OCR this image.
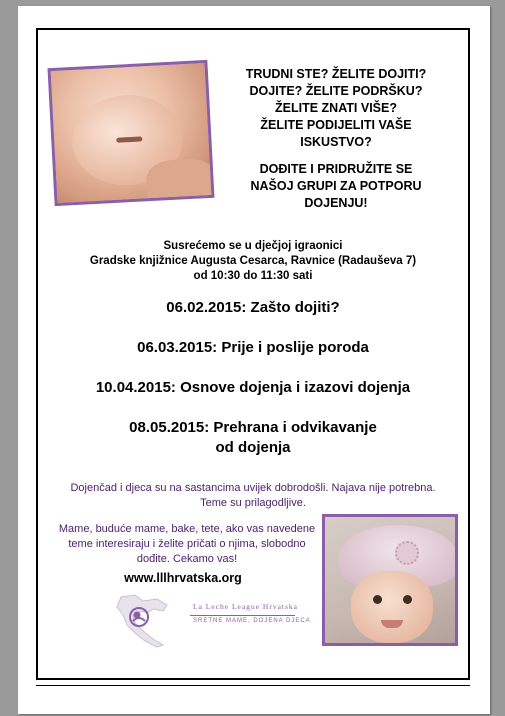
TRUDNI STE? ŽELITE DOJITI?

DOJITE? ŽELITE PODRŠKU?

ŽELITE ZNATI VIŠE?

ŽELITE PODIJELITI VAŠE

ISKUSTVO?

DOĐITE I PRIDRUŽITE SE

NAŠOJ GRUPI ZA POTPORU

DOJENJU!

Susrećemo se u dječjoj igraonici

Gradske knjižnice Augusta Cesarca, Ravnice (Radauševa 7)

od 10:30 do 11:30 sati

06.02.2015: Zašto dojiti?

06.03.2015: Prije i poslije poroda

10.04.2015: Osnove dojenja i izazovi dojenja

08.05.2015: Prehrana i odvikavanje od dojenja

Dojenčad i djeca su na sastancima uvijek dobrodošli. Najava nije potrebna. Teme su prilagodljive.
Mame, buduće mame, bake, tete, ako vas navedene teme interesiraju i želite pričati o njima, slobodno dođite. Cekamo vas!
www.lllhrvatska.org
La Leche League Hrvatska
SRETNE MAME, DOJENA DJECA
